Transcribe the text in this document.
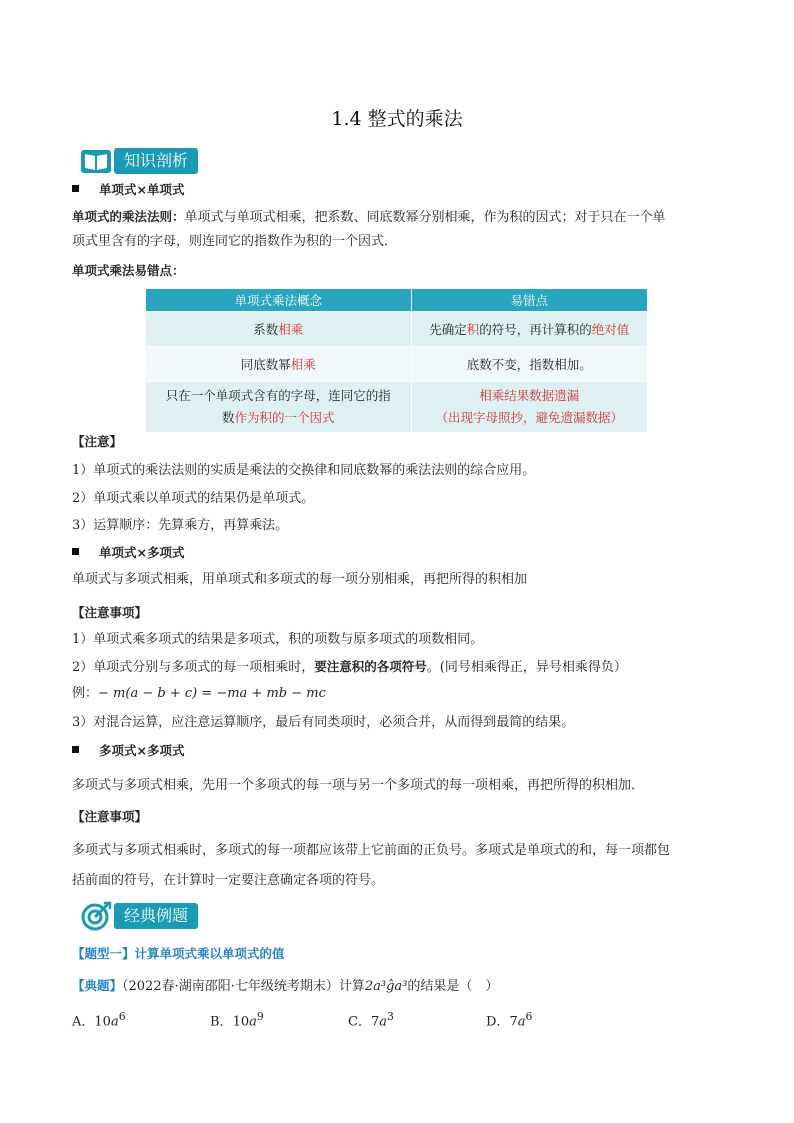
1.4 整式的乘法
知识剖析
单项式×单项式
单项式的乘法法则：单项式与单项式相乘，把系数、同底数幂分别相乘，作为积的因式；对于只在一个单
项式里含有的字母，则连同它的指数作为积的一个因式．
单项式乘法易错点：
单项式乘法概念	易错点
系数相乘	先确定积的符号，再计算积的绝对值
同底数幂相乘	底数不变，指数相加。
只在一个单项式含有的字母，连同它的指
数作为积的一个因式	相乘结果数据遗漏
（出现字母照抄，避免遗漏数据）
【注意】
1）单项式的乘法法则的实质是乘法的交换律和同底数幂的乘法法则的综合应用。
2）单项式乘以单项式的结果仍是单项式。
3）运算顺序：先算乘方，再算乘法。
单项式×多项式
单项式与多项式相乘，用单项式和多项式的每一项分别相乘，再把所得的积相加
【注意事项】
1）单项式乘多项式的结果是多项式，积的项数与原多项式的项数相同。
2）单项式分别与多项式的每一项相乘时，要注意积的各项符号。(同号相乘得正，异号相乘得负）
例：− m(a − b + c) = −ma + mb − mc
3）对混合运算，应注意运算顺序，最后有同类项时，必须合并，从而得到最简的结果。
多项式×多项式
多项式与多项式相乘，先用一个多项式的每一项与另一个多项式的每一项相乘，再把所得的积相加．
【注意事项】
多项式与多项式相乘时，多项式的每一项都应该带上它前面的正负号。多项式是单项式的和，每一项都包
括前面的符号，在计算时一定要注意确定各项的符号。
经典例题
【题型一】计算单项式乘以单项式的值
【典题】（2022春·湖南邵阳·七年级统考期末）计算2a³ĝa³的结果是（　）
A．$10a^6$	B．$10a^9$	C．$7a^3$	D．$7a^6$
